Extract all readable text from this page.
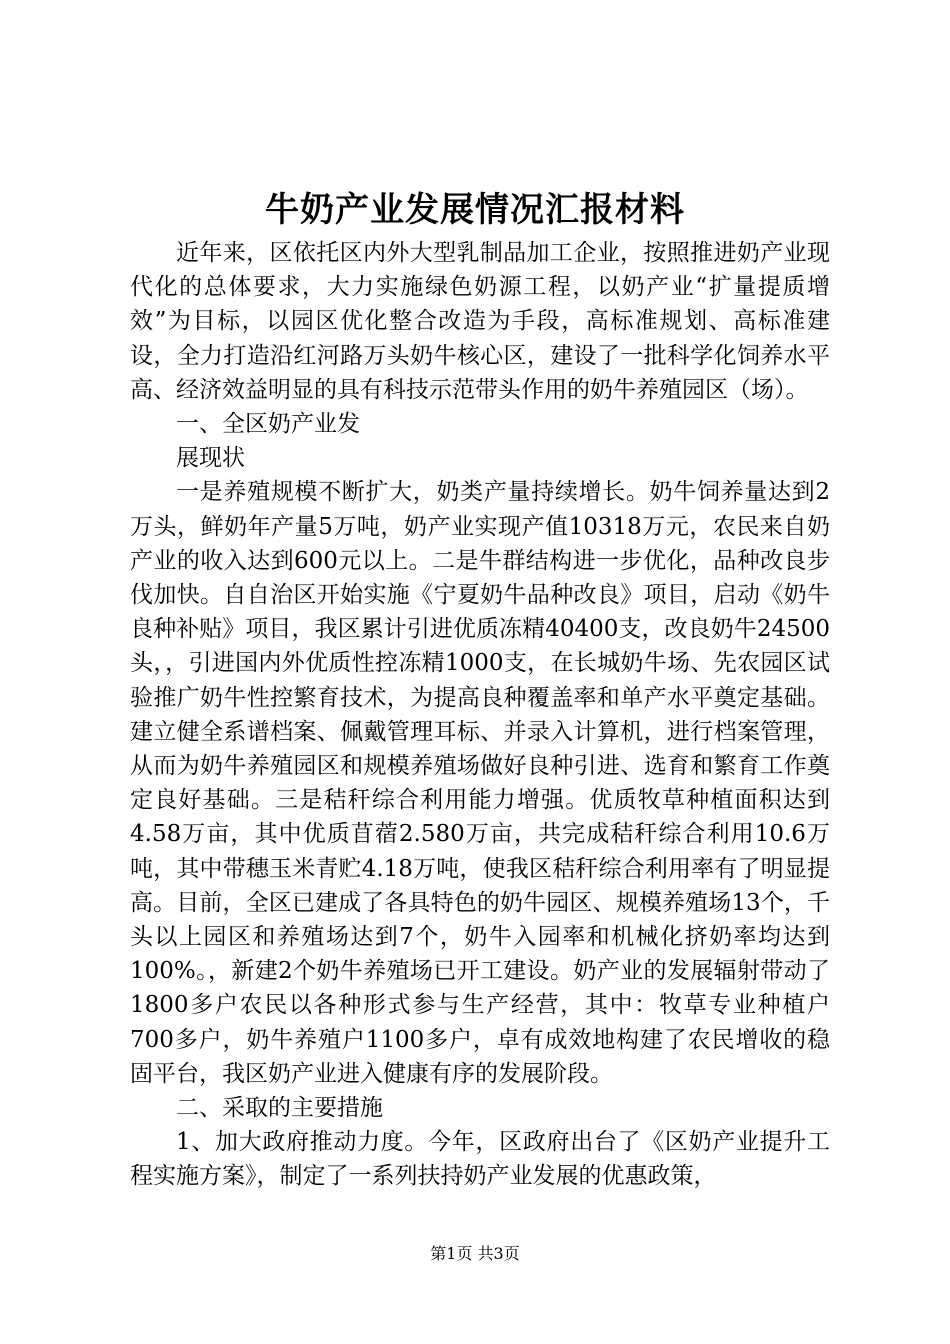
牛奶产业发展情况汇报材料

近年来，区依托区内外大型乳制品加工企业，按照推进奶产业现代化的总体要求，大力实施绿色奶源工程，以奶产业“扩量提质增效”为目标，以园区优化整合改造为手段，高标准规划、高标准建设，全力打造沿红河路万头奶牛核心区，建设了一批科学化饲养水平高、经济效益明显的具有科技示范带头作用的奶牛养殖园区（场）。

一、全区奶产业发

展现状

一是养殖规模不断扩大，奶类产量持续增长。奶牛饲养量达到2万头，鲜奶年产量5万吨，奶产业实现产值10318万元，农民来自奶产业的收入达到600元以上。二是牛群结构进一步优化，品种改良步伐加快。自自治区开始实施《宁夏奶牛品种改良》项目，启动《奶牛良种补贴》项目，我区累计引进优质冻精40400支，改良奶牛24500头，，引进国内外优质性控冻精1000支，在长城奶牛场、先农园区试验推广奶牛性控繁育技术，为提高良种覆盖率和单产水平奠定基础。建立健全系谱档案、佩戴管理耳标、并录入计算机，进行档案管理，从而为奶牛养殖园区和规模养殖场做好良种引进、选育和繁育工作奠定良好基础。三是秸秆综合利用能力增强。优质牧草种植面积达到4.58万亩，其中优质苜蓿2.580万亩，共完成秸秆综合利用10.6万吨，其中带穗玉米青贮4.18万吨，使我区秸秆综合利用率有了明显提高。目前，全区已建成了各具特色的奶牛园区、规模养殖场13个，千头以上园区和养殖场达到7个，奶牛入园率和机械化挤奶率均达到100%。，新建2个奶牛养殖场已开工建设。奶产业的发展辐射带动了1800多户农民以各种形式参与生产经营，其中：牧草专业种植户700多户，奶牛养殖户1100多户，卓有成效地构建了农民增收的稳固平台，我区奶产业进入健康有序的发展阶段。

二、采取的主要措施

1、加大政府推动力度。今年，区政府出台了《区奶产业提升工程实施方案》，制定了一系列扶持奶产业发展的优惠政策，

第1页 共3页
